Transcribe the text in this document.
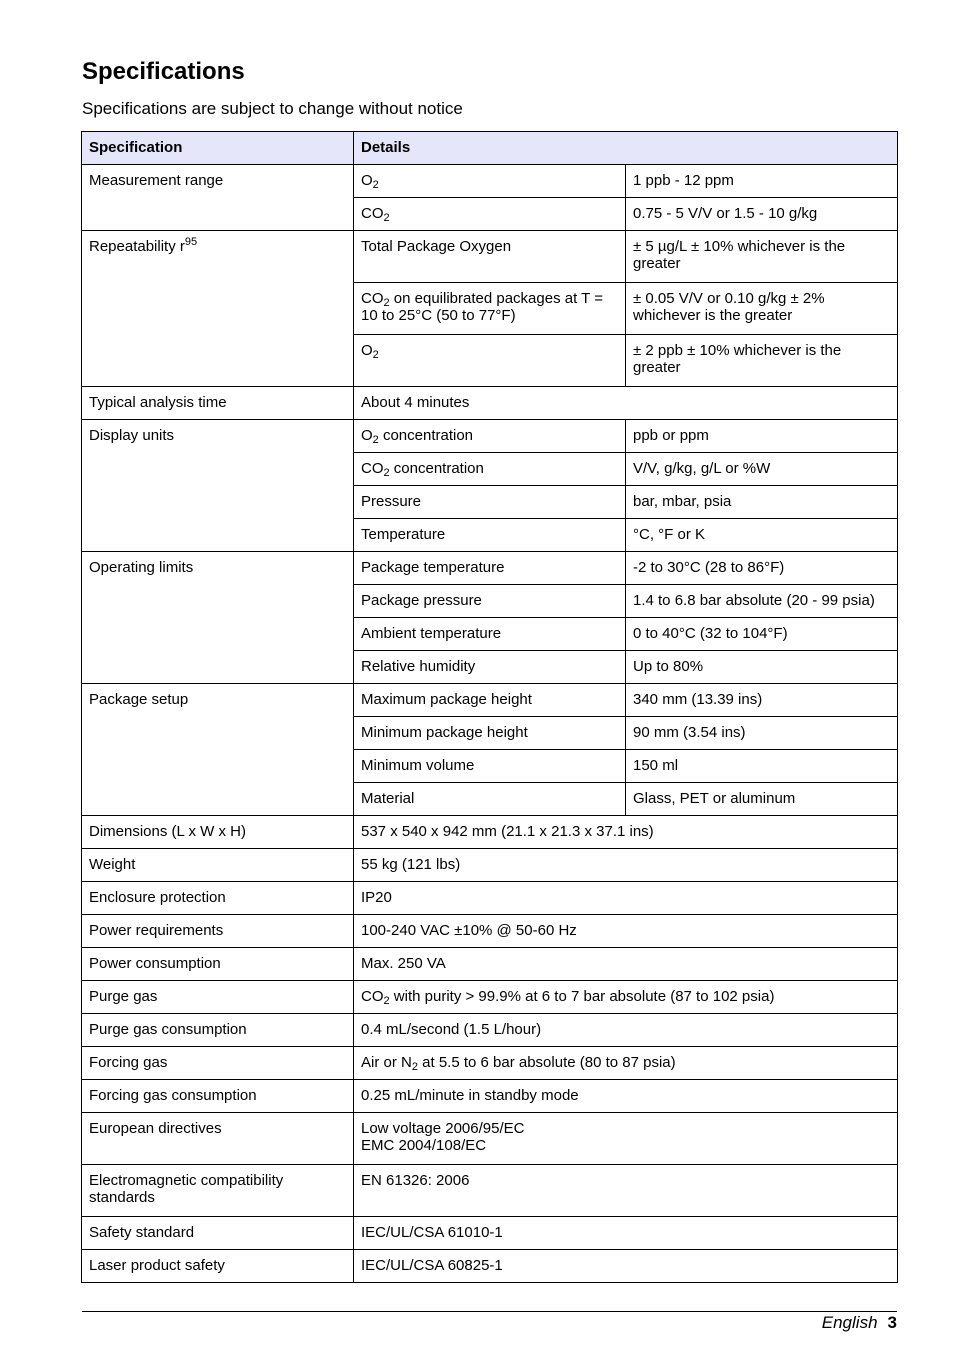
Specifications

Specifications are subject to change without notice

Specification	Details	
Measurement range	$O_2$	1 ppb - 12 ppm
	$CO_2$	0.75 - 5 V/V or 1.5 - 10 g/kg
Repeatability $r^{95}$	Total Package Oxygen	± 5 µg/L ± 10% whichever is the greater
	$CO_2$ on equilibrated packages at T = 10 to 25°C (50 to 77°F)	± 0.05 V/V or 0.10 g/kg ± 2% whichever is the greater
	$O_2$	± 2 ppb ± 10% whichever is the greater
Typical analysis time	About 4 minutes	
Display units	$O_2$ concentration	ppb or ppm
	$CO_2$ concentration	V/V, g/kg, g/L or %W
	Pressure	bar, mbar, psia
	Temperature	°C, °F or K
Operating limits	Package temperature	-2 to 30°C (28 to 86°F)
	Package pressure	1.4 to 6.8 bar absolute (20 - 99 psia)
	Ambient temperature	0 to 40°C (32 to 104°F)
	Relative humidity	Up to 80%
Package setup	Maximum package height	340 mm (13.39 ins)
	Minimum package height	90 mm (3.54 ins)
	Minimum volume	150 ml
	Material	Glass, PET or aluminum
Dimensions (L x W x H)	537 x 540 x 942 mm (21.1 x 21.3 x 37.1 ins)	
Weight	55 kg (121 lbs)	
Enclosure protection	IP20	
Power requirements	100-240 VAC ±10% @ 50-60 Hz	
Power consumption	Max. 250 VA	
Purge gas	$CO_2$ with purity > 99.9% at 6 to 7 bar absolute (87 to 102 psia)	
Purge gas consumption	0.4 mL/second (1.5 L/hour)	
Forcing gas	Air or $N_2$ at 5.5 to 6 bar absolute (80 to 87 psia)	
Forcing gas consumption	0.25 mL/minute in standby mode	
European directives	Low voltage 2006/95/EC
EMC 2004/108/EC	

Electromagnetic compatibility standards	EN 61326: 2006	
Safety standard	IEC/UL/CSA 61010-1	
Laser product safety	IEC/UL/CSA 60825-1	
English 3
